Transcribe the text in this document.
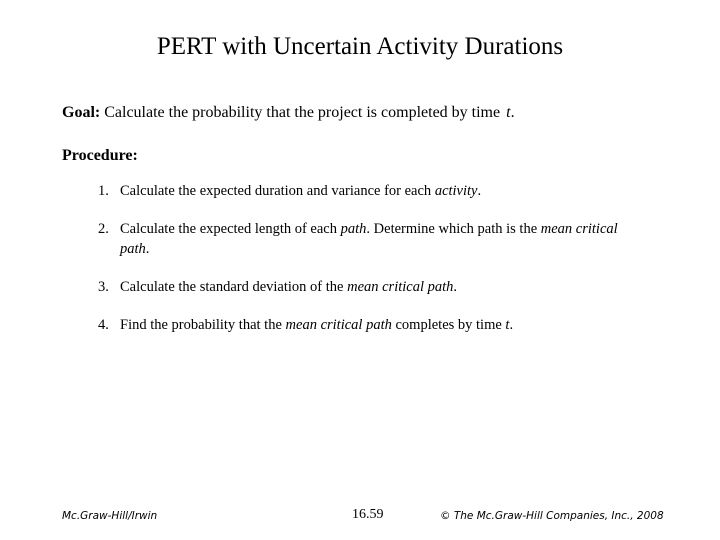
PERT with Uncertain Activity Durations
Goal: Calculate the probability that the project is completed by time t.
Procedure:
1. Calculate the expected duration and variance for each activity.
2. Calculate the expected length of each path. Determine which path is the mean critical path.
3. Calculate the standard deviation of the mean critical path.
4. Find the probability that the mean critical path completes by time t.
Mc.Graw-Hill/Irwin	16.59	© The Mc.Graw-Hill Companies, Inc., 2008
